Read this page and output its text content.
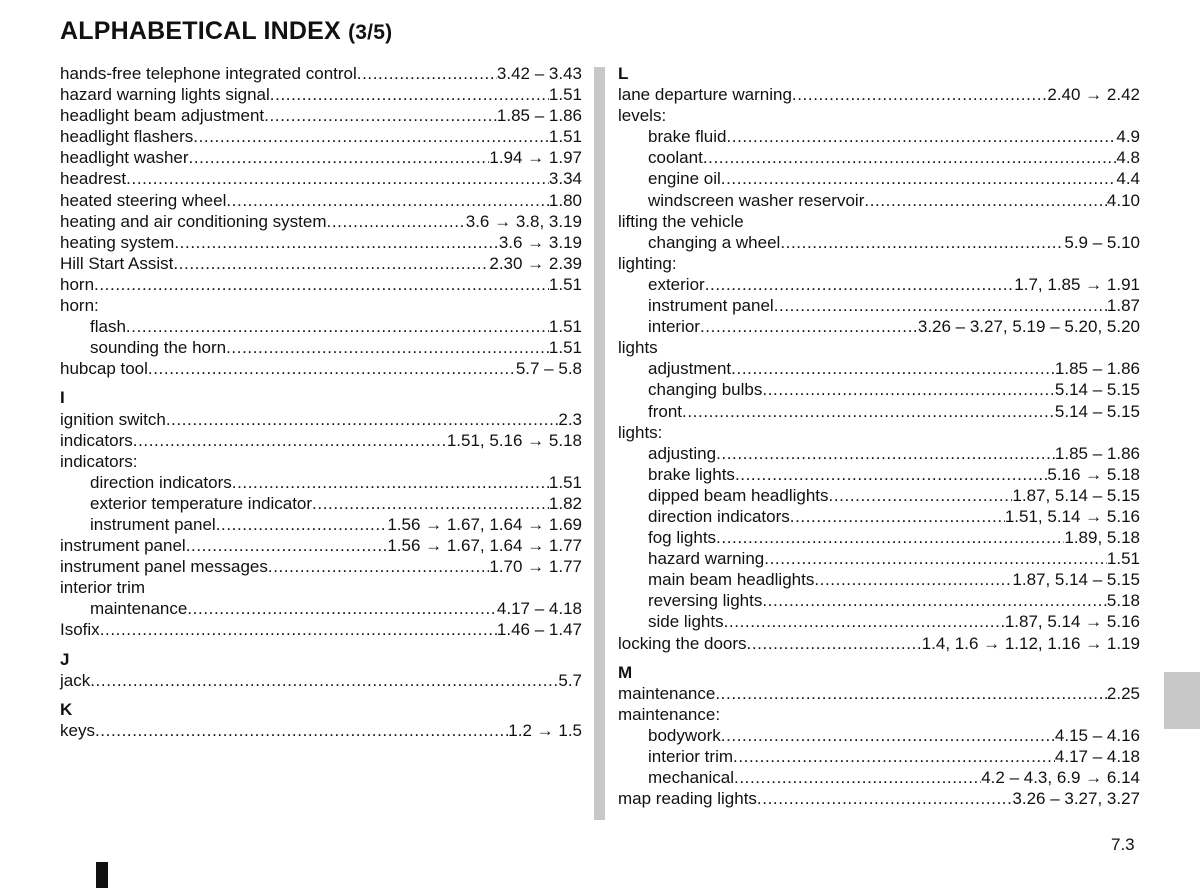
ALPHABETICAL INDEX (3/5)
hands-free telephone integrated control .....	3.42 – 3.43
hazard warning lights signal .....	1.51
headlight beam adjustment .....	1.85 – 1.86
headlight flashers .....	1.51
headlight washer .....	1.94 → 1.97
headrest .....	3.34
heated steering wheel .....	1.80
heating and air conditioning system .....	3.6 → 3.8, 3.19
heating system .....	3.6 → 3.19
Hill Start Assist .....	2.30 → 2.39
horn .....	1.51
horn:
flash .....	1.51
sounding the horn .....	1.51
hubcap tool .....	5.7 – 5.8
I
ignition switch .....	2.3
indicators .....	1.51, 5.16 → 5.18
indicators:
direction indicators .....	1.51
exterior temperature indicator .....	1.82
instrument panel .....	1.56 → 1.67, 1.64 → 1.69
instrument panel .....	1.56 → 1.67, 1.64 → 1.77
instrument panel messages .....	1.70 → 1.77
interior trim
maintenance .....	4.17 – 4.18
Isofix .....	1.46 – 1.47
J
jack .....	5.7
K
keys .....	1.2 → 1.5
L
lane departure warning .....	2.40 → 2.42
levels:
brake fluid .....	4.9
coolant .....	4.8
engine oil .....	4.4
windscreen washer reservoir .....	4.10
lifting the vehicle
changing a wheel .....	5.9 – 5.10
lighting:
exterior .....	1.7, 1.85 → 1.91
instrument panel .....	1.87
interior .....	3.26 – 3.27, 5.19 – 5.20, 5.20
lights
adjustment .....	1.85 – 1.86
changing bulbs .....	5.14 – 5.15
front .....	5.14 – 5.15
lights:
adjusting .....	1.85 – 1.86
brake lights .....	5.16 → 5.18
dipped beam headlights .....	1.87, 5.14 – 5.15
direction indicators .....	1.51, 5.14 → 5.16
fog lights .....	1.89, 5.18
hazard warning .....	1.51
main beam headlights .....	1.87, 5.14 – 5.15
reversing lights .....	5.18
side lights .....	1.87, 5.14 → 5.16
locking the doors .....	1.4, 1.6 → 1.12, 1.16 → 1.19
M
maintenance .....	2.25
maintenance:
bodywork .....	4.15 – 4.16
interior trim .....	4.17 – 4.18
mechanical .....	4.2 – 4.3, 6.9 → 6.14
map reading lights .....	3.26 – 3.27, 3.27
7.3
